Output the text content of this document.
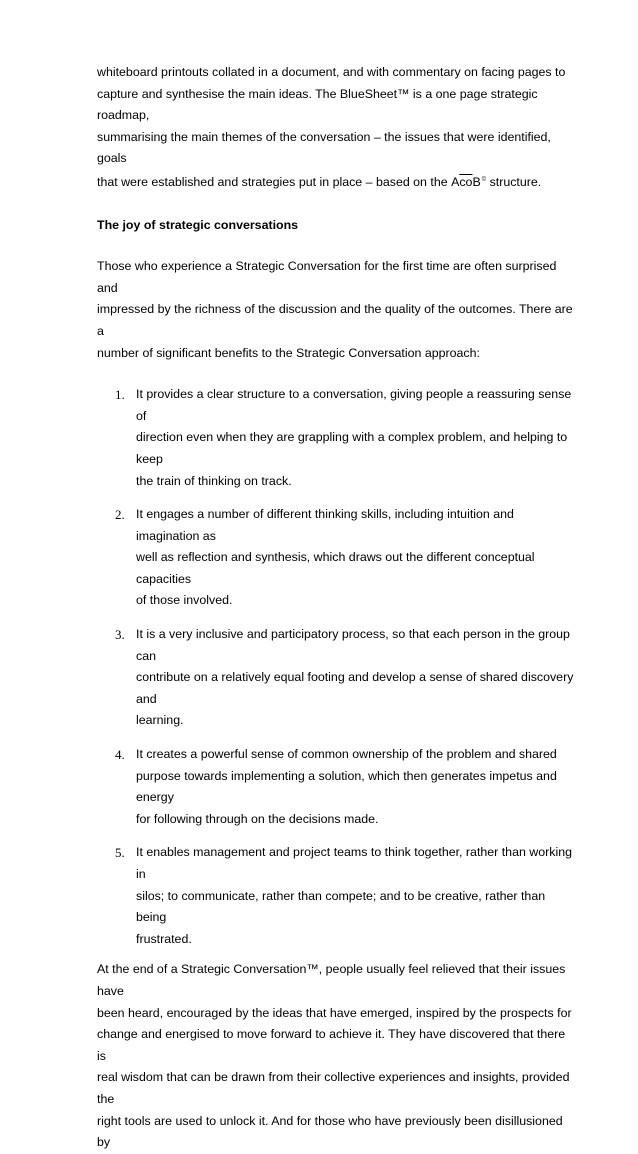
whiteboard printouts collated in a document, and with commentary on facing pages to
capture and synthesise the main ideas. The BlueSheet™ is a one page strategic roadmap,
summarising the main themes of the conversation – the issues that were identified, goals
that were established and strategies put in place – based on the AcoB© structure.

The joy of strategic conversations

Those who experience a Strategic Conversation for the first time are often surprised and
impressed by the richness of the discussion and the quality of the outcomes. There are a
number of significant benefits to the Strategic Conversation approach:

1. It provides a clear structure to a conversation, giving people a reassuring sense of
direction even when they are grappling with a complex problem, and helping to keep
the train of thinking on track.
2. It engages a number of different thinking skills, including intuition and imagination as
well as reflection and synthesis, which draws out the different conceptual capacities
of those involved.
3. It is a very inclusive and participatory process, so that each person in the group can
contribute on a relatively equal footing and develop a sense of shared discovery and
learning.
4. It creates a powerful sense of common ownership of the problem and shared
purpose towards implementing a solution, which then generates impetus and energy
for following through on the decisions made.
5. It enables management and project teams to think together, rather than working in
silos; to communicate, rather than compete; and to be creative, rather than being
frustrated.

At the end of a Strategic Conversation™, people usually feel relieved that their issues have
been heard, encouraged by the ideas that have emerged, inspired by the prospects for
change and energised to move forward to achieve it. They have discovered that there is
real wisdom that can be drawn from their collective experiences and insights, provided the
right tools are used to unlock it. And for those who have previously been disillusioned by
